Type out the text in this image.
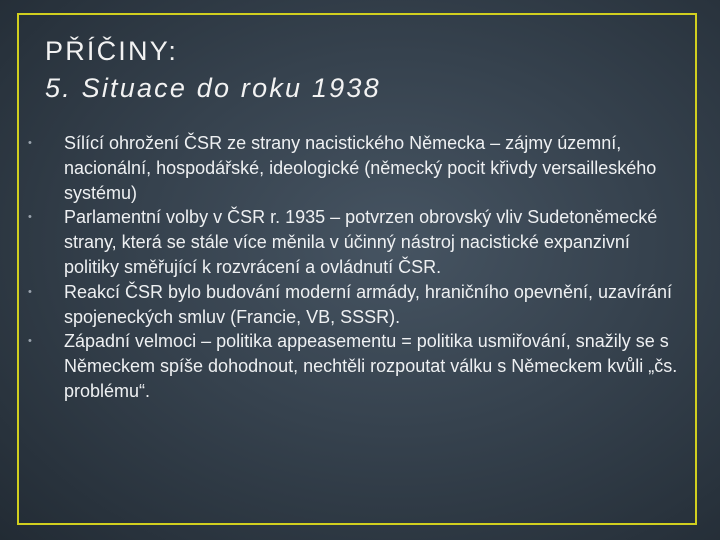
PŘÍČINY:
5. Situace do roku 1938
• Sílící ohrožení ČSR ze strany nacistického Německa – zájmy územní, nacionální, hospodářské, ideologické (německý pocit křivdy versailleského systému)
• Parlamentní volby v ČSR r. 1935 – potvrzen obrovský vliv Sudetoněmecké strany, která se stále více měnila v účinný nástroj nacistické expanzivní politiky směřující k rozvrácení a ovládnutí ČSR.
• Reakcí ČSR bylo budování moderní armády, hraničního opevnění, uzavírání spojeneckých smluv (Francie, VB, SSSR).
• Západní velmoci – politika appeasementu = politika usmiřování, snažily se s Německem spíše dohodnout, nechtěli rozpoutat válku s Německem kvůli „čs. problému“.
